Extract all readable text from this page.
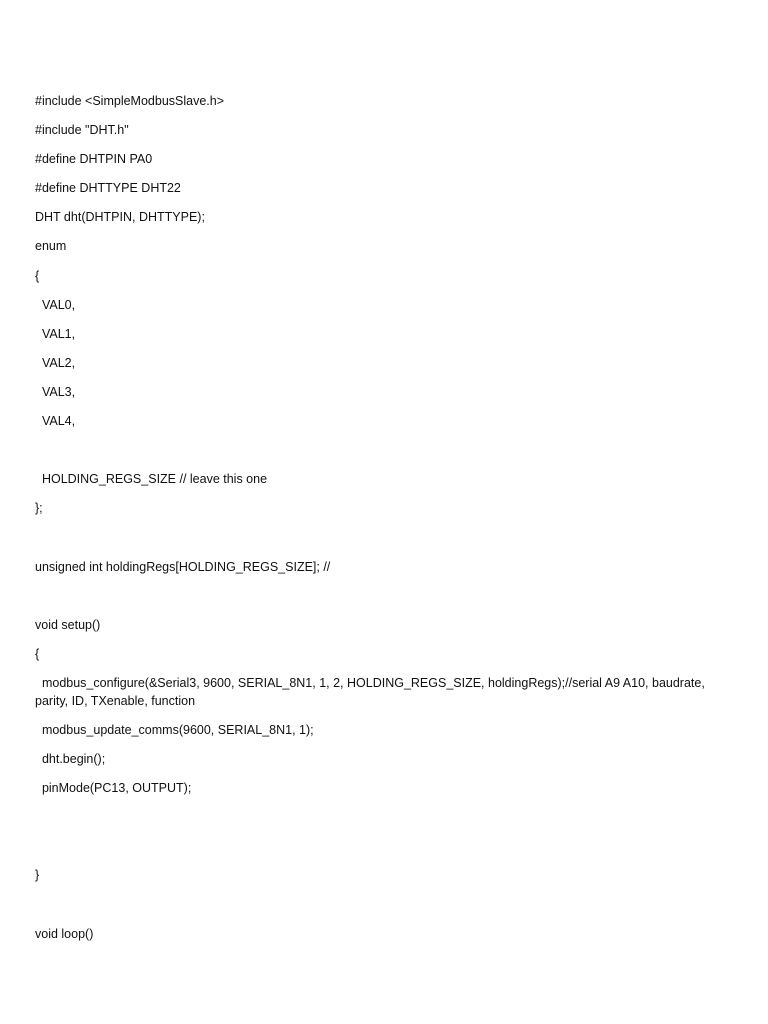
#include <SimpleModbusSlave.h>
#include "DHT.h"
#define DHTPIN PA0
#define DHTTYPE DHT22
DHT dht(DHTPIN, DHTTYPE);
enum
{
VAL0,
VAL1,
VAL2,
VAL3,
VAL4,
HOLDING_REGS_SIZE // leave this one
};
unsigned int holdingRegs[HOLDING_REGS_SIZE]; //
void setup()
{
modbus_configure(&Serial3, 9600, SERIAL_8N1, 1, 2, HOLDING_REGS_SIZE, holdingRegs);//serial A9 A10, baudrate, parity, ID, TXenable, function
modbus_update_comms(9600, SERIAL_8N1, 1);
dht.begin();
pinMode(PC13, OUTPUT);
}
void loop()
